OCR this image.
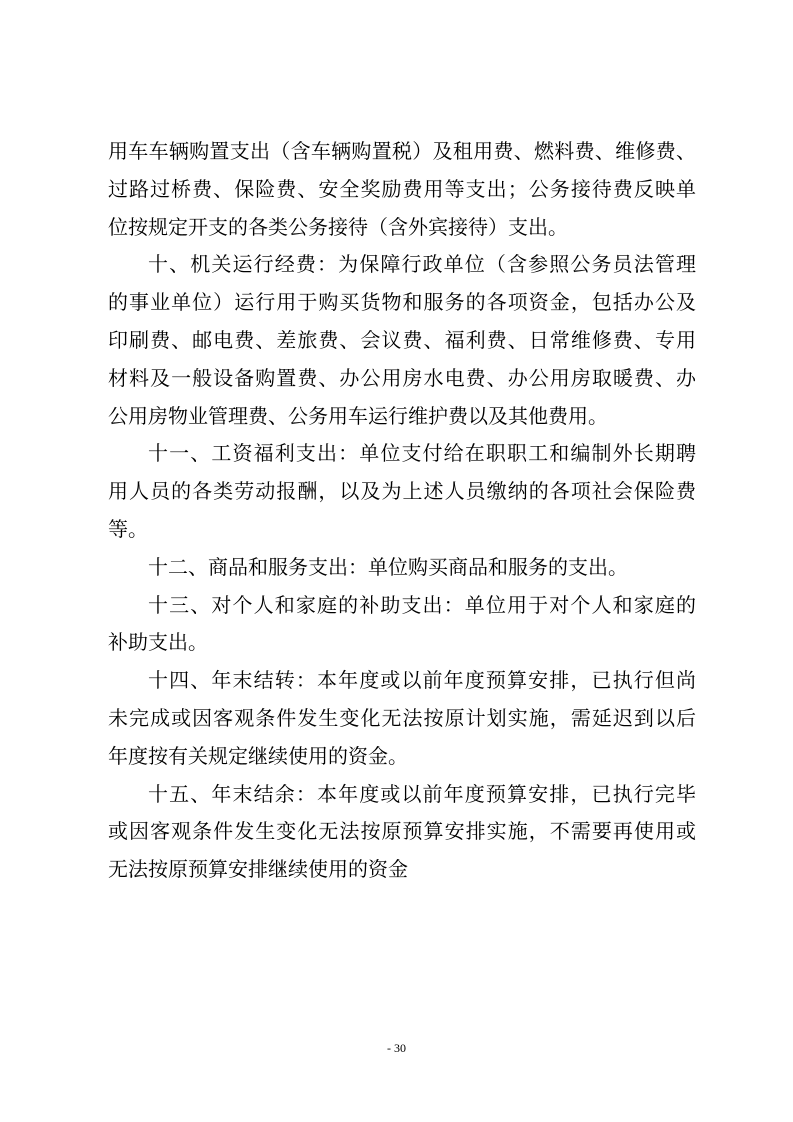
用车车辆购置支出（含车辆购置税）及租用费、燃料费、维修费、
过路过桥费、保险费、安全奖励费用等支出；公务接待费反映单
位按规定开支的各类公务接待（含外宾接待）支出。
十、机关运行经费：为保障行政单位（含参照公务员法管理
的事业单位）运行用于购买货物和服务的各项资金，包括办公及
印刷费、邮电费、差旅费、会议费、福利费、日常维修费、专用
材料及一般设备购置费、办公用房水电费、办公用房取暖费、办
公用房物业管理费、公务用车运行维护费以及其他费用。
十一、工资福利支出：单位支付给在职职工和编制外长期聘
用人员的各类劳动报酬，以及为上述人员缴纳的各项社会保险费
等。
十二、商品和服务支出：单位购买商品和服务的支出。
十三、对个人和家庭的补助支出：单位用于对个人和家庭的
补助支出。
十四、年末结转：本年度或以前年度预算安排，已执行但尚
未完成或因客观条件发生变化无法按原计划实施，需延迟到以后
年度按有关规定继续使用的资金。
十五、年末结余：本年度或以前年度预算安排，已执行完毕
或因客观条件发生变化无法按原预算安排实施，不需要再使用或
无法按原预算安排继续使用的资金
- 30
